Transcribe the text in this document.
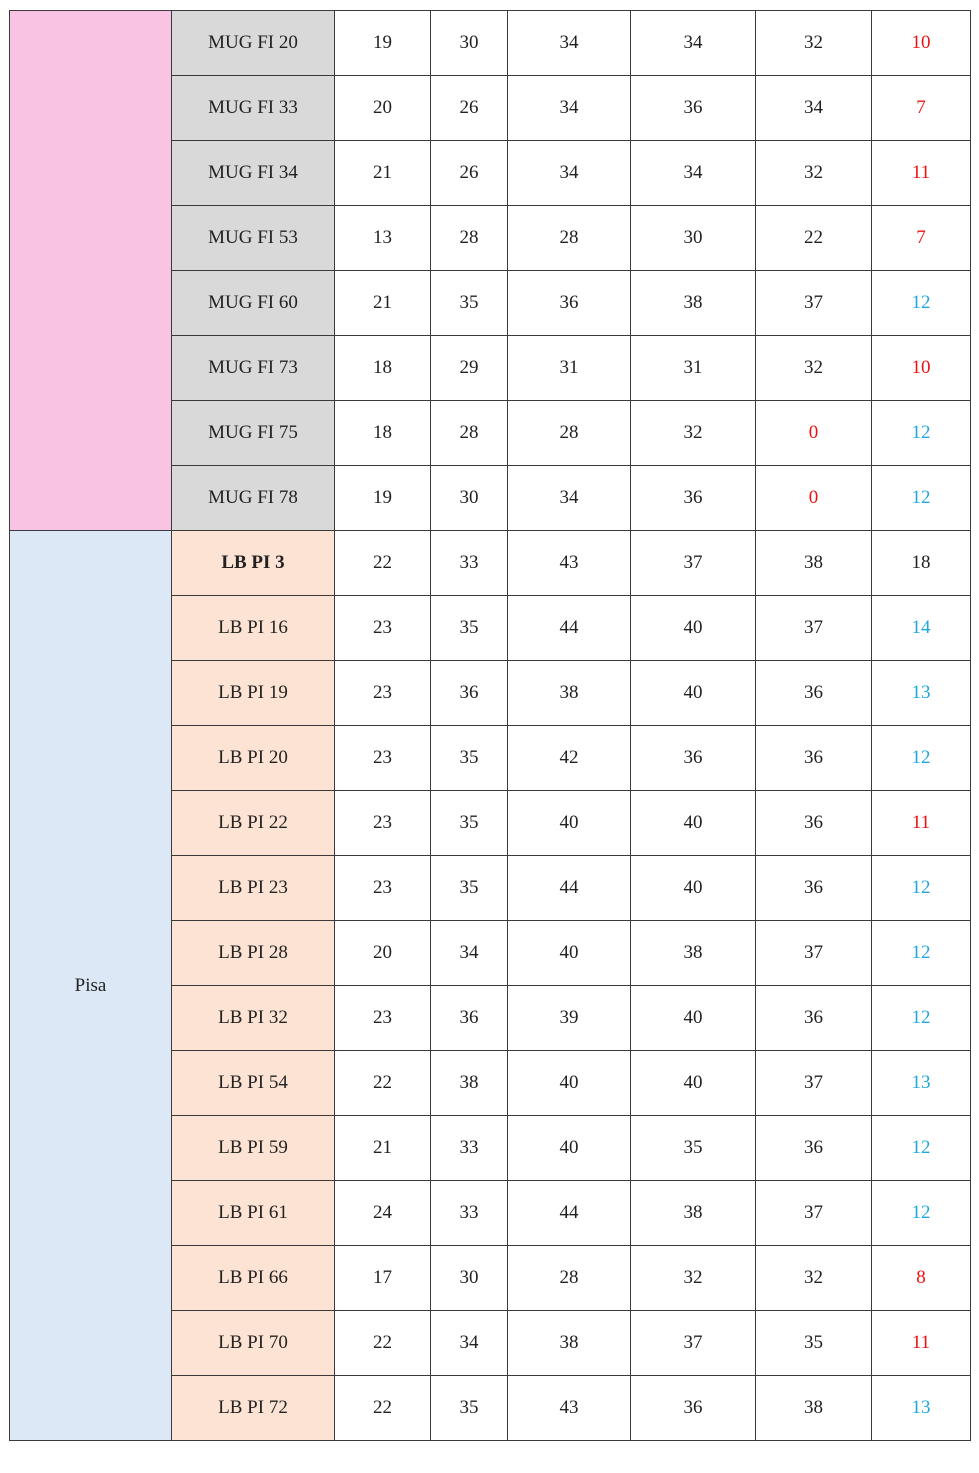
	MUG FI 20	19	30	34	34	32	10
	MUG FI 33	20	26	34	36	34	7
	MUG FI 34	21	26	34	34	32	11
	MUG FI 53	13	28	28	30	22	7
	MUG FI 60	21	35	36	38	37	12
	MUG FI 73	18	29	31	31	32	10
	MUG FI 75	18	28	28	32	0	12
	MUG FI 78	19	30	34	36	0	12
Pisa	LB PI 3	22	33	43	37	38	18
	LB PI 16	23	35	44	40	37	14
	LB PI 19	23	36	38	40	36	13
	LB PI 20	23	35	42	36	36	12
	LB PI 22	23	35	40	40	36	11
	LB PI 23	23	35	44	40	36	12
	LB PI 28	20	34	40	38	37	12
	LB PI 32	23	36	39	40	36	12
	LB PI 54	22	38	40	40	37	13
	LB PI 59	21	33	40	35	36	12
	LB PI 61	24	33	44	38	37	12
	LB PI 66	17	30	28	32	32	8
	LB PI 70	22	34	38	37	35	11
	LB PI 72	22	35	43	36	38	13
